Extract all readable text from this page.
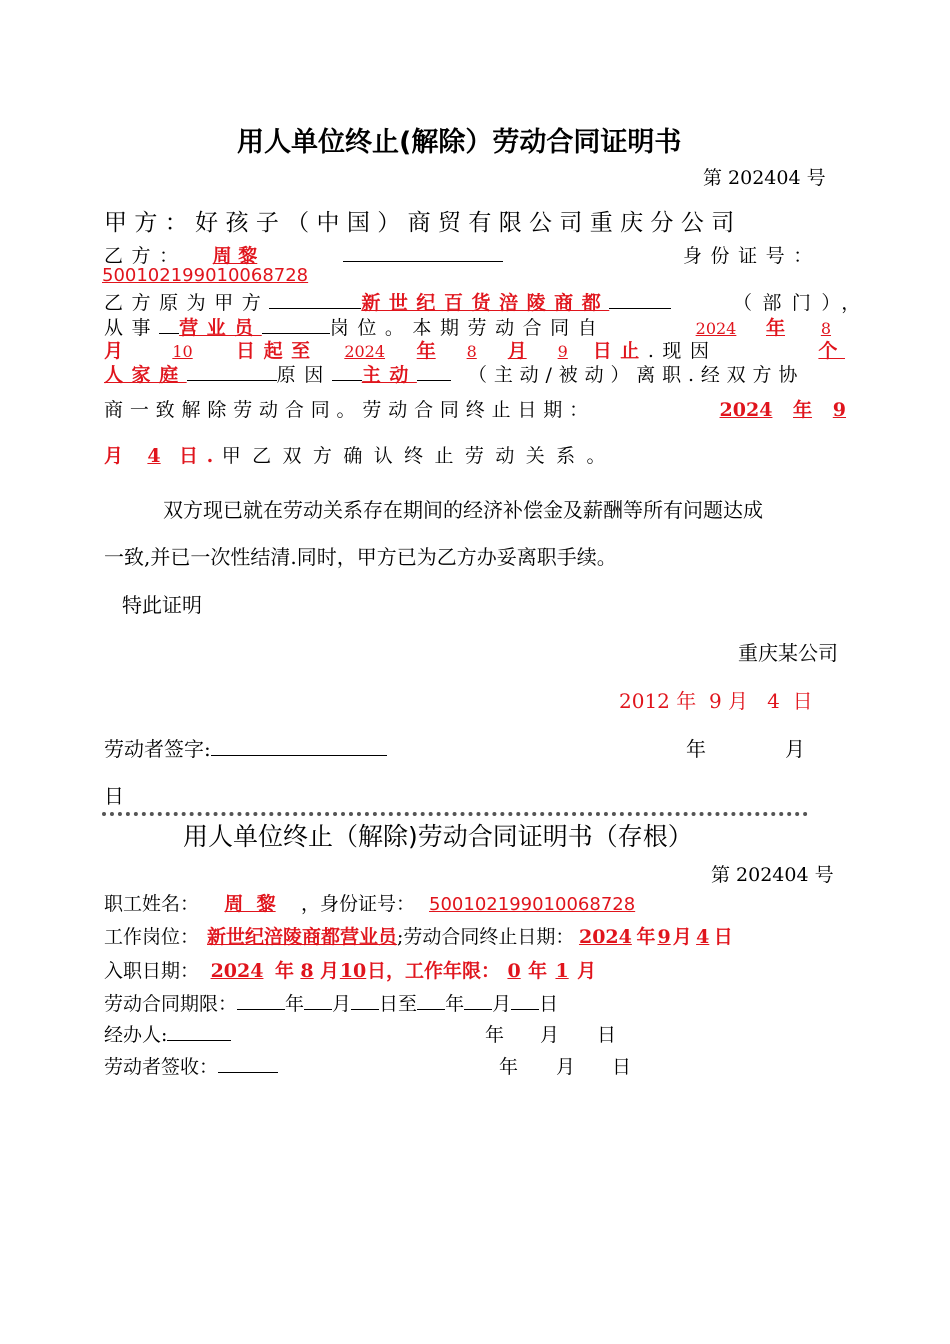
用人单位终止(解除）劳动合同证明书
第 202404 号
甲方：好孩子（中国）商贸有限公司重庆分公司
乙方： 周 黎	身份证号：
500102199010068728
乙方原为甲方	新世纪百货涪陵商都	（部门），
从事 营业员	岗位。本期劳动合同自	2024 年 8
月	10 日起至 2024 年 8 月 9 日止.现因	个
人家庭	原因 主动	（主动/被动）离职.经双方协
商一致解除劳动合同。劳动合同终止日期：	2024 年 9
月 4 日.甲乙双方确认终止劳动关系。
双方现已就在劳动关系存在期间的经济补偿金及薪酬等所有问题达成
一致,并已一次性结清.同时，甲方已为乙方办妥离职手续。
特此证明
重庆某公司
2012 年  9 月   4  日
劳动者签字:	年	月
日
用人单位终止（解除)劳动合同证明书（存根）
第 202404 号
职工姓名： 周  黎 ，身份证号： 500102199010068728
工作岗位： 新世纪涪陵商都营业员;劳动合同终止日期： 2024 年 9 月 4 日
入职日期： 2024 年 8 月10日，工作年限： 0 年 1 月
劳动合同期限：	年 月 日至 年 月 日
经办人:	年 月 日
劳动者签收：	年 月 日
